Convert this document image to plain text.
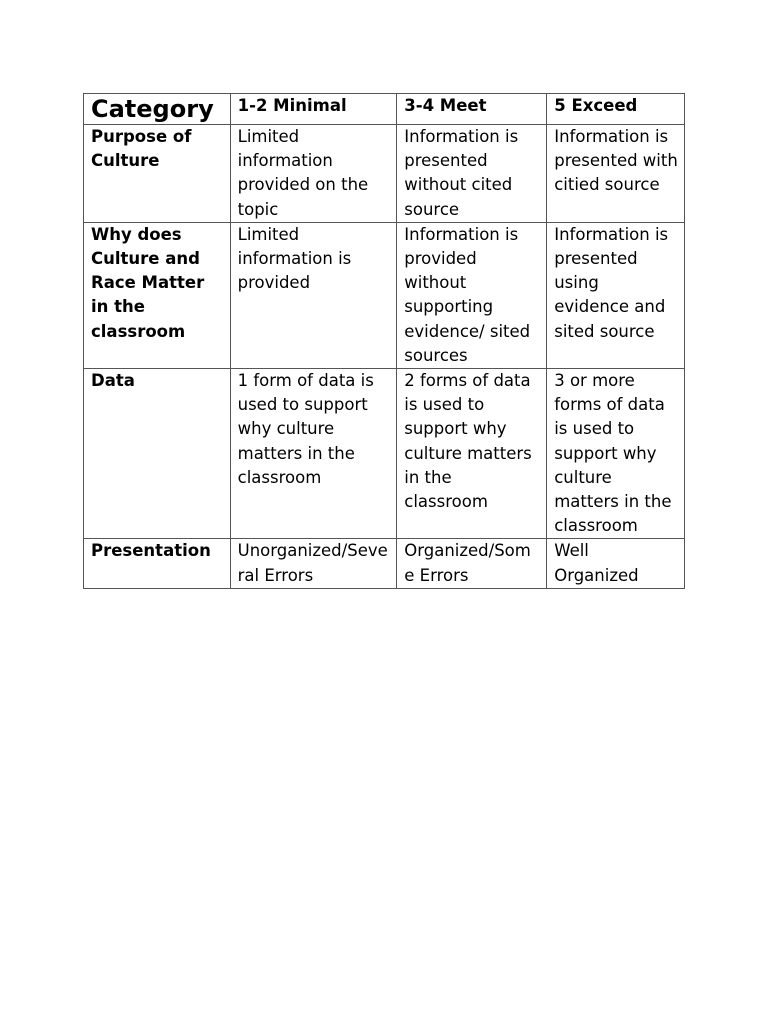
Category	1-2 Minimal	3-4 Meet	5 Exceed
Purpose of Culture	Limited information provided on the topic	Information is presented without cited source	Information is presented with citied source
Why does Culture and Race Matter in the classroom	Limited information is provided	Information is provided without supporting evidence/ sited sources	Information is presented using evidence and sited source
Data	1 form of data is used to support why culture matters in the classroom	2 forms of data is used to support why culture matters in the classroom	3 or more forms of data is used to support why culture matters in the classroom
Presentation	Unorganized/Several Errors	Organized/Some Errors	Well Organized
